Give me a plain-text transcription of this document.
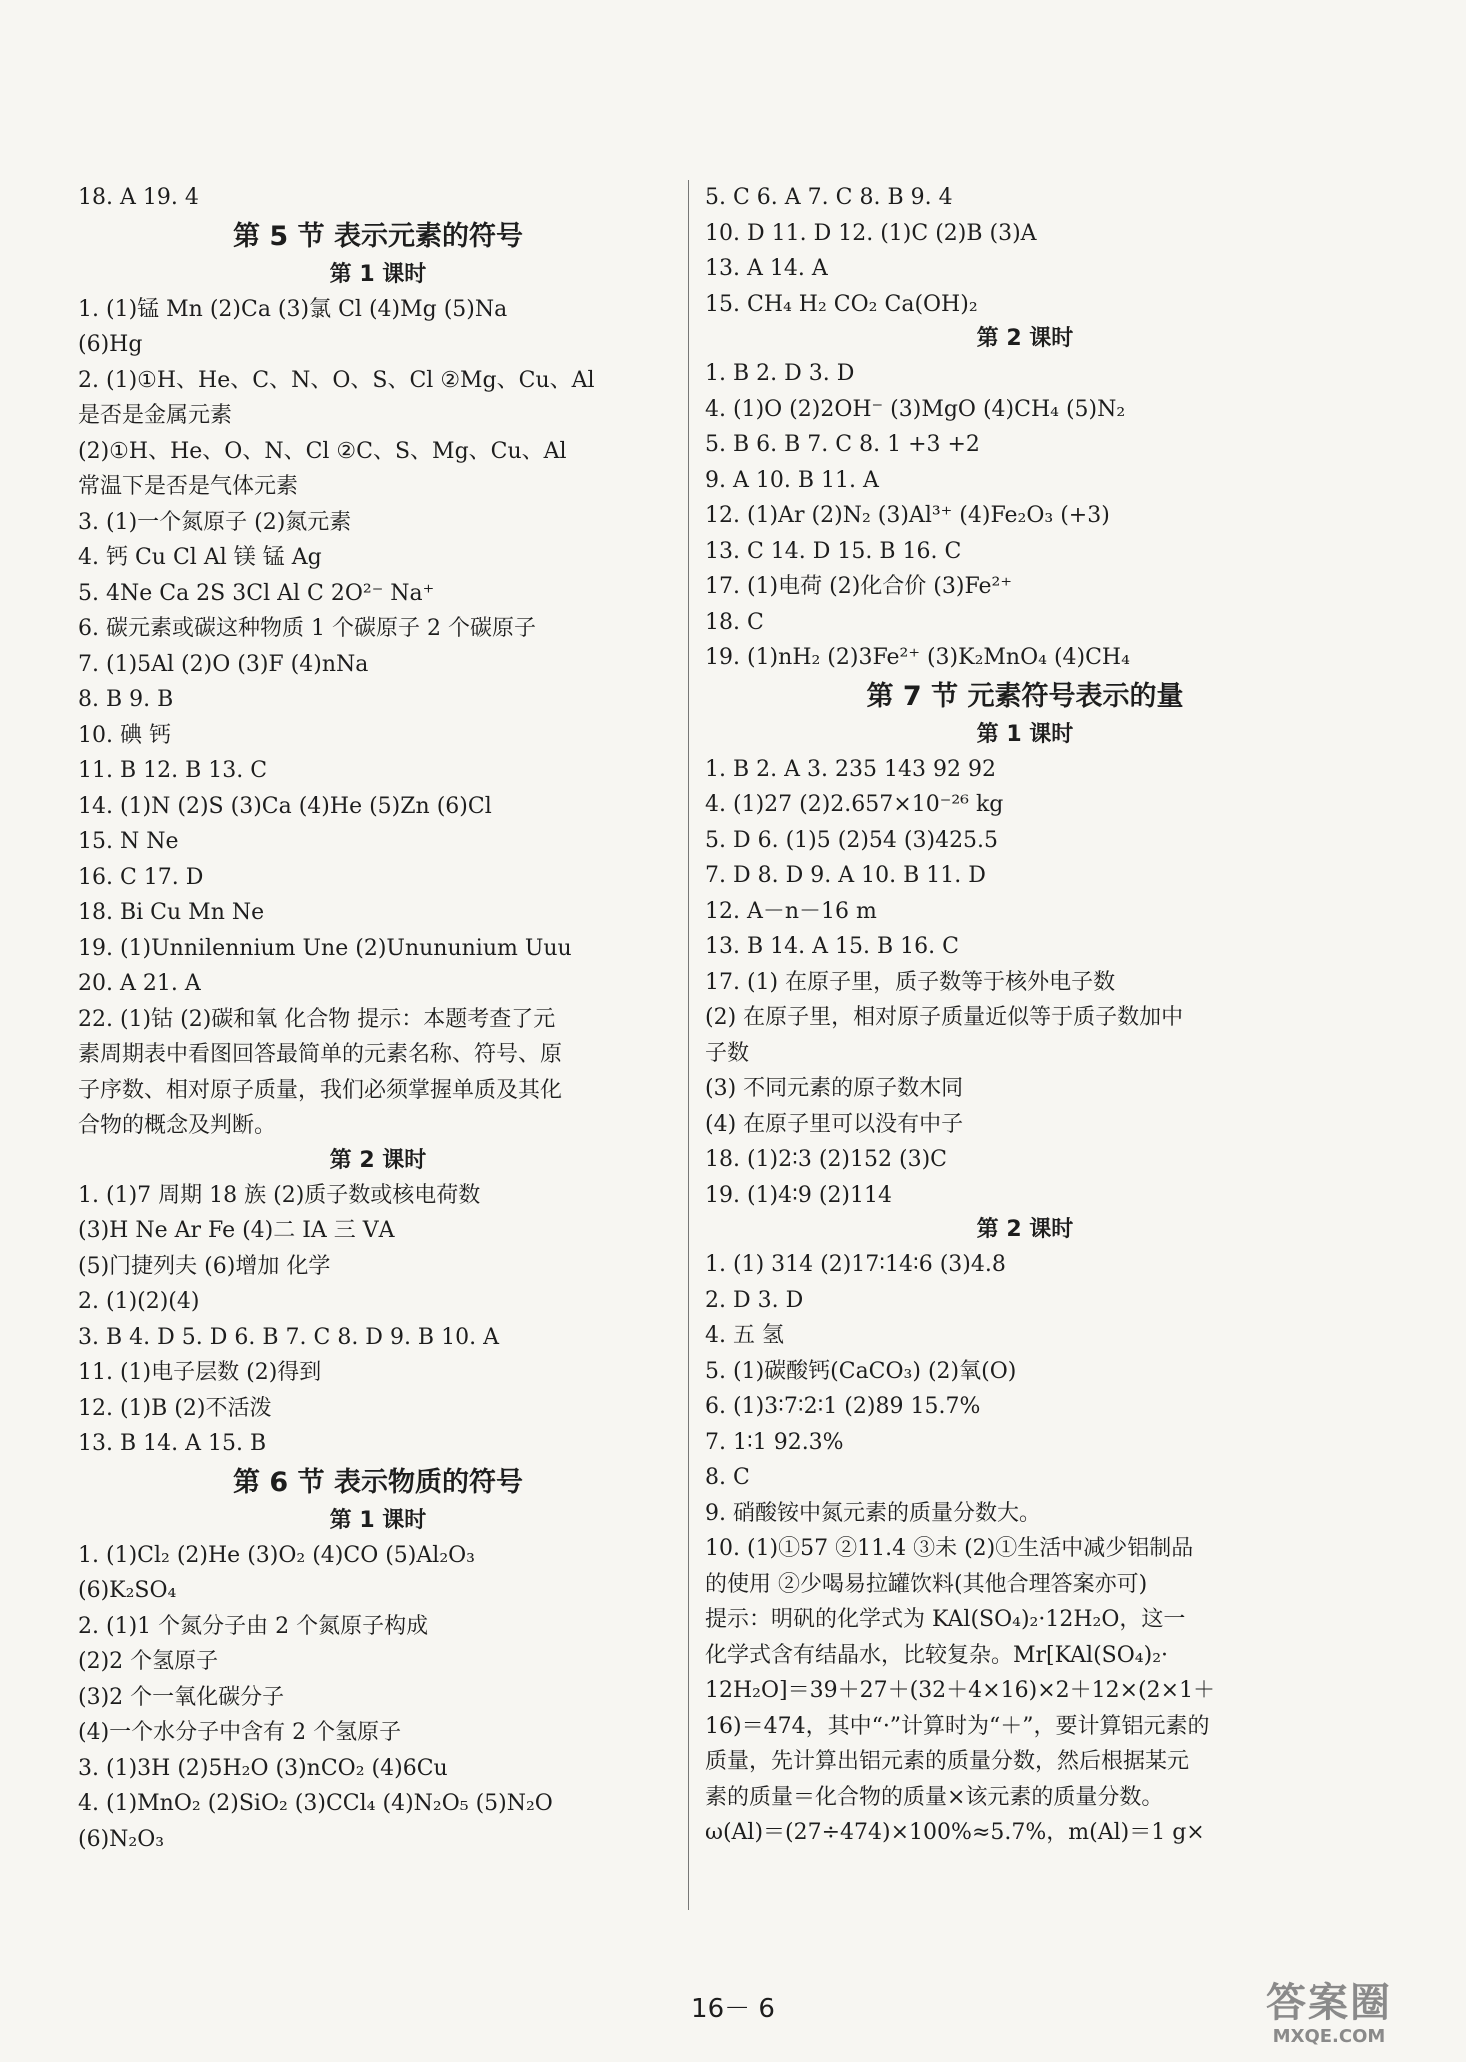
18. A 19. 4
第 5 节 表示元素的符号
第 1 课时
1. (1)锰 Mn (2)Ca (3)氯 Cl (4)Mg (5)Na
(6)Hg
2. (1)①H、He、C、N、O、S、Cl ②Mg、Cu、Al
是否是金属元素
(2)①H、He、O、N、Cl ②C、S、Mg、Cu、Al
常温下是否是气体元素
3. (1)一个氮原子 (2)氮元素
4. 钙 Cu Cl Al 镁 锰 Ag
5. 4Ne Ca 2S 3Cl Al C 2O²⁻ Na⁺
6. 碳元素或碳这种物质 1 个碳原子 2 个碳原子
7. (1)5Al (2)O (3)F (4)nNa
8. B 9. B
10. 碘 钙
11. B 12. B 13. C
14. (1)N (2)S (3)Ca (4)He (5)Zn (6)Cl
15. N Ne
16. C 17. D
18. Bi Cu Mn Ne
19. (1)Unnilennium Une (2)Unununium Uuu
20. A 21. A
22. (1)钴 (2)碳和氧 化合物 提示：本题考查了元
素周期表中看图回答最简单的元素名称、符号、原
子序数、相对原子质量，我们必须掌握单质及其化
合物的概念及判断。
第 2 课时
1. (1)7 周期 18 族 (2)质子数或核电荷数
(3)H Ne Ar Fe (4)二 ⅠA 三 ⅤA
(5)门捷列夫 (6)增加 化学
2. (1)(2)(4)
3. B 4. D 5. D 6. B 7. C 8. D 9. B 10. A
11. (1)电子层数 (2)得到
12. (1)B (2)不活泼
13. B 14. A 15. B
第 6 节 表示物质的符号
第 1 课时
1. (1)Cl₂ (2)He (3)O₂ (4)CO (5)Al₂O₃
(6)K₂SO₄
2. (1)1 个氮分子由 2 个氮原子构成
(2)2 个氢原子
(3)2 个一氧化碳分子
(4)一个水分子中含有 2 个氢原子
3. (1)3H (2)5H₂O (3)nCO₂ (4)6Cu
4. (1)MnO₂ (2)SiO₂ (3)CCl₄ (4)N₂O₅ (5)N₂O
(6)N₂O₃
5. C 6. A 7. C 8. B 9. 4
10. D 11. D 12. (1)C (2)B (3)A
13. A 14. A
15. CH₄ H₂ CO₂ Ca(OH)₂
第 2 课时
1. B 2. D 3. D
4. (1)O (2)2OH⁻ (3)MgO (4)CH₄ (5)N₂
5. B 6. B 7. C 8. 1 +3 +2
9. A 10. B 11. A
12. (1)Ar (2)N₂ (3)Al³⁺ (4)Fe₂O₃ (+3)
13. C 14. D 15. B 16. C
17. (1)电荷 (2)化合价 (3)Fe²⁺
18. C
19. (1)nH₂ (2)3Fe²⁺ (3)K₂MnO₄ (4)CH₄
第 7 节 元素符号表示的量
第 1 课时
1. B 2. A 3. 235 143 92 92
4. (1)27 (2)2.657×10⁻²⁶ kg
5. D 6. (1)5 (2)54 (3)425.5
7. D 8. D 9. A 10. B 11. D
12. A－n－16 m
13. B 14. A 15. B 16. C
17. (1) 在原子里，质子数等于核外电子数
(2) 在原子里，相对原子质量近似等于质子数加中
子数
(3) 不同元素的原子数木同
(4) 在原子里可以没有中子
18. (1)2∶3 (2)152 (3)C
19. (1)4∶9 (2)114
第 2 课时
1. (1) 314 (2)17∶14∶6 (3)4.8
2. D 3. D
4. 五 氢
5. (1)碳酸钙(CaCO₃) (2)氧(O)
6. (1)3∶7∶2∶1 (2)89 15.7%
7. 1∶1 92.3%
8. C
9. 硝酸铵中氮元素的质量分数大。
10. (1)①57 ②11.4 ③未 (2)①生活中减少铝制品
的使用 ②少喝易拉罐饮料(其他合理答案亦可)
提示：明矾的化学式为 KAl(SO₄)₂·12H₂O，这一
化学式含有结晶水，比较复杂。Mr[KAl(SO₄)₂·
12H₂O]＝39＋27＋(32＋4×16)×2＋12×(2×1＋
16)＝474，其中“·”计算时为“＋”，要计算铝元素的
质量，先计算出铝元素的质量分数，然后根据某元
素的质量＝化合物的质量×该元素的质量分数。
ω(Al)＝(27÷474)×100%≈5.7%，m(Al)＝1 g×
16－ 6	答案圈
MXQE.COM
